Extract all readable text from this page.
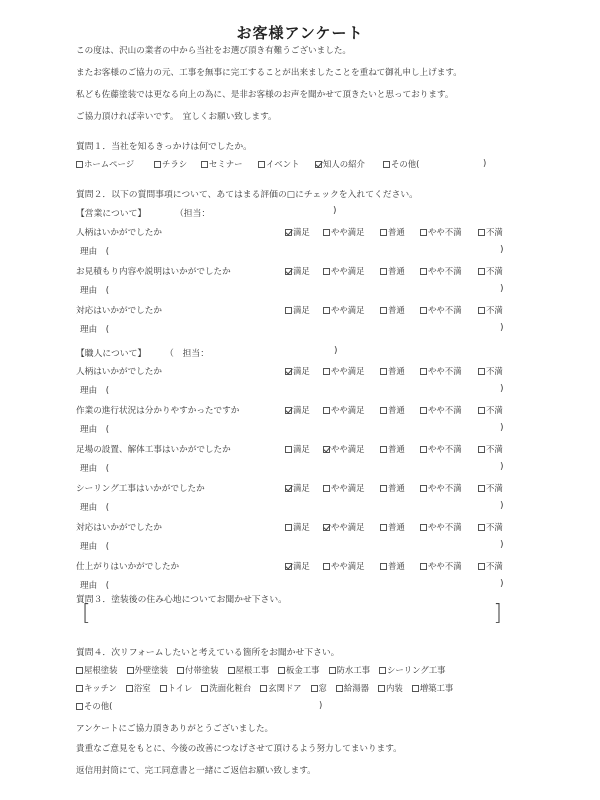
お客様アンケート
この度は、沢山の業者の中から当社をお選び頂き有難うございました。
またお客様のご協力の元、工事を無事に完工することが出来ましたことを重ねて御礼申し上げます。
私ども佐藤塗装では更なる向上の為に、是非お客様のお声を聞かせて頂きたいと思っております。
ご協力頂ければ幸いです。　宜しくお願い致します。
質問１．当社を知るきっかけは何でしたか。
ホームページ	チラシ	セミナー	イベント	知人の紹介	その他(	)
質問２．以下の質問事項について、あてはまる評価の□にチェックを入れてください。
【営業について】	（担当：	)
人柄はいかがでしたか	満足	やや満足	普通	やや不満	不満
理由　(	)
お見積もり内容や説明はいかがでしたか	満足	やや満足	普通	やや不満	不満
理由　(	)
対応はいかがでしたか	満足	やや満足	普通	やや不満	不満
理由　(	)
【職人について】 （　担当：	)
人柄はいかがでしたか	満足	やや満足	普通	やや不満	不満
理由　(	)
作業の進行状況は分かりやすかったですか	満足	やや満足	普通	やや不満	不満
理由　(	)
足場の設置、解体工事はいかがでしたか	満足	やや満足	普通	やや不満	不満
理由　(	)
シーリング工事はいかがでしたか	満足	やや満足	普通	やや不満	不満
理由　(	)
対応はいかがでしたか	満足	やや満足	普通	やや不満	不満
理由　(	)
仕上がりはいかがでしたか	満足	やや満足	普通	やや不満	不満
理由　(	)
質問３．塗装後の住み心地についてお聞かせ下さい。
[	]
質問４．次リフォームしたいと考えている箇所をお聞かせ下さい。
屋根塗装 外壁塗装 付帯塗装 屋根工事 板金工事 防水工事 シーリング工事
キッチン 浴室 トイレ 洗面化粧台 玄関ドア 窓 給湯器 内装 増築工事
その他(	)
アンケートにご協力頂きありがとうございました。
貴重なご意見をもとに、今後の改善につなげさせて頂けるよう努力してまいります。
返信用封筒にて、完工同意書と一緒にご返信お願い致します。
